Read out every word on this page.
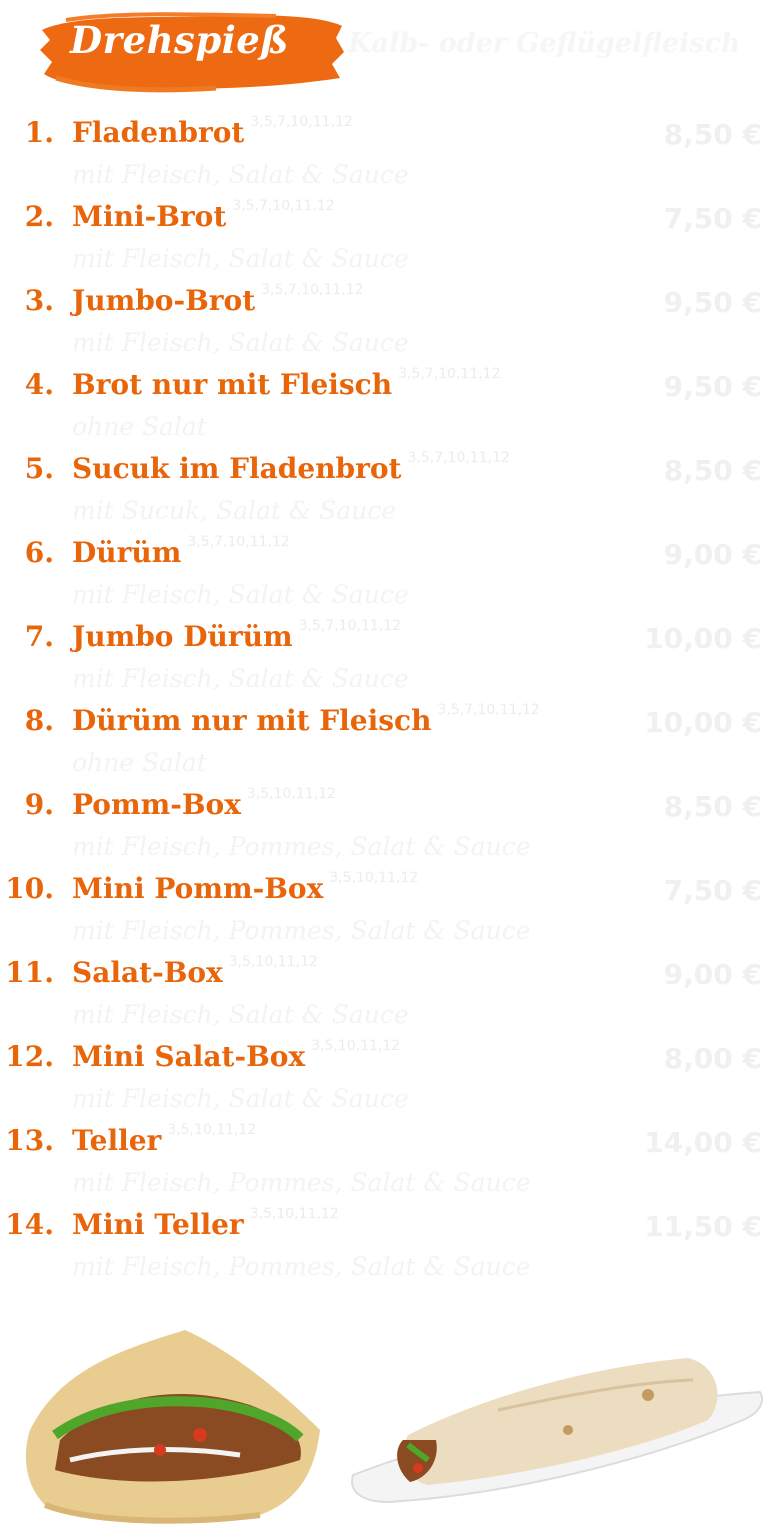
Drehspieß	Kalb- oder Geflügelfleisch
1. Fladenbrot $^{3,5,7,10,11,12}$	8,50 €
mit Fleisch, Salat & Sauce
2. Mini-Brot $^{3,5,7,10,11,12}$	7,50 €
mit Fleisch, Salat & Sauce
3. Jumbo-Brot $^{3,5,7,10,11,12}$	9,50 €
mit Fleisch, Salat & Sauce
4. Brot nur mit Fleisch $^{3,5,7,10,11,12}$	9,50 €
ohne Salat
5. Sucuk im Fladenbrot $^{3,5,7,10,11,12}$	8,50 €
mit Sucuk, Salat & Sauce
6. Dürüm $^{3,5,7,10,11,12}$	9,00 €
mit Fleisch, Salat & Sauce
7. Jumbo Dürüm $^{3,5,7,10,11,12}$	10,00 €
mit Fleisch, Salat & Sauce
8. Dürüm nur mit Fleisch $^{3,5,7,10,11,12}$	10,00 €
ohne Salat
9. Pomm-Box $^{3,5,10,11,12}$	8,50 €
mit Fleisch, Pommes, Salat & Sauce
10. Mini Pomm-Box $^{3,5,10,11,12}$	7,50 €
mit Fleisch, Pommes, Salat & Sauce
11. Salat-Box $^{3,5,10,11,12}$	9,00 €
mit Fleisch, Salat & Sauce
12. Mini Salat-Box $^{3,5,10,11,12}$	8,00 €
mit Fleisch, Salat & Sauce
13. Teller $^{3,5,10,11,12}$	14,00 €
mit Fleisch, Pommes, Salat & Sauce
14. Mini Teller $^{3,5,10,11,12}$	11,50 €
mit Fleisch, Pommes, Salat & Sauce
